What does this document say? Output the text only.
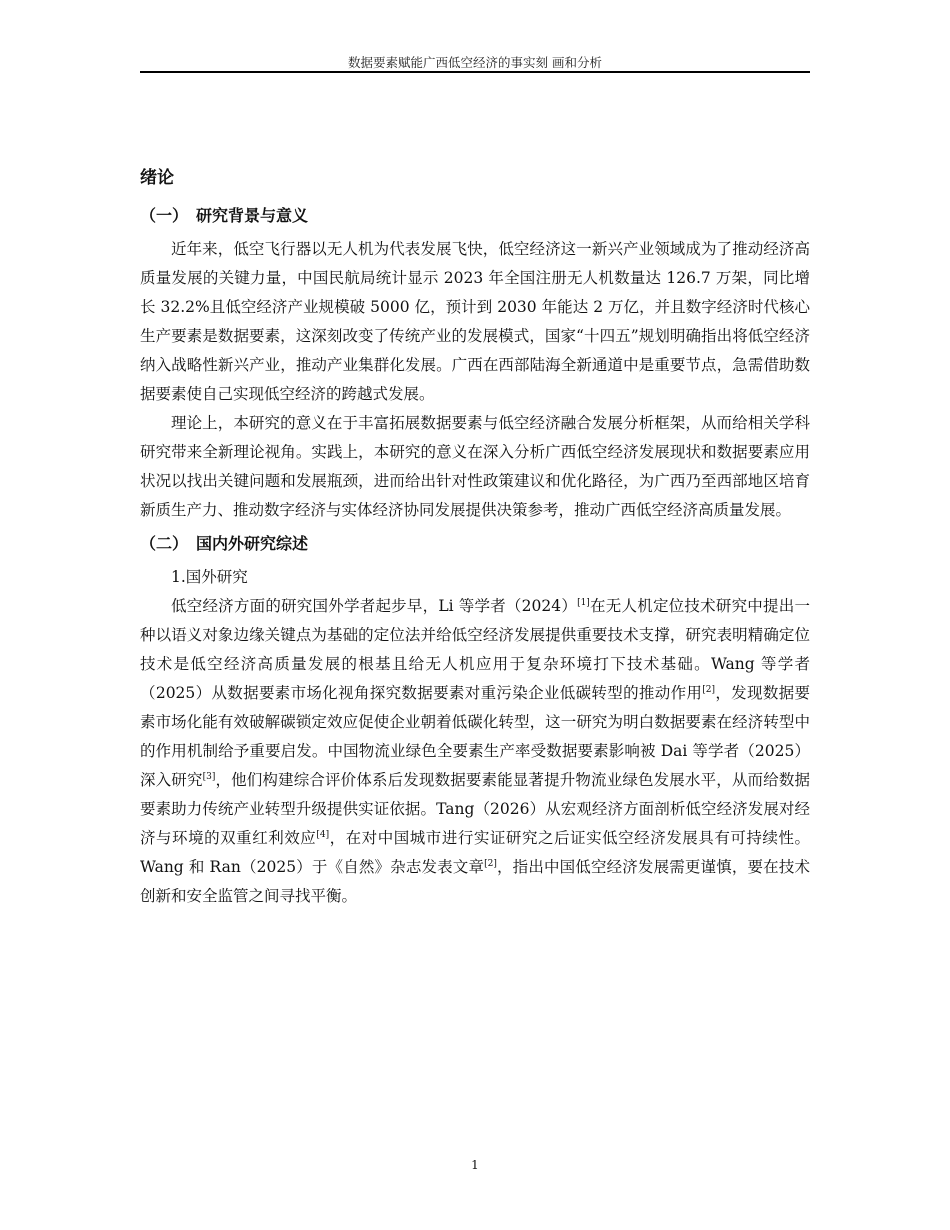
数据要素赋能广西低空经济的事实刻 画和分析
绪论
（一） 研究背景与意义

近年来，低空飞行器以无人机为代表发展飞快，低空经济这一新兴产业领域成为了推动经济高质量发展的关键力量，中国民航局统计显示 2023 年全国注册无人机数量达 126.7 万架，同比增长 32.2%且低空经济产业规模破 5000 亿，预计到 2030 年能达 2 万亿，并且数字经济时代核心生产要素是数据要素，这深刻改变了传统产业的发展模式，国家“十四五”规划明确指出将低空经济纳入战略性新兴产业，推动产业集群化发展。广西在西部陆海全新通道中是重要节点，急需借助数据要素使自己实现低空经济的跨越式发展。

理论上，本研究的意义在于丰富拓展数据要素与低空经济融合发展分析框架，从而给相关学科研究带来全新理论视角。实践上，本研究的意义在深入分析广西低空经济发展现状和数据要素应用状况以找出关键问题和发展瓶颈，进而给出针对性政策建议和优化路径，为广西乃至西部地区培育新质生产力、推动数字经济与实体经济协同发展提供决策参考，推动广西低空经济高质量发展。

（二） 国内外研究综述
1.国外研究

低空经济方面的研究国外学者起步早，Li 等学者（2024）[1]在无人机定位技术研究中提出一种以语义对象边缘关键点为基础的定位法并给低空经济发展提供重要技术支撑，研究表明精确定位技术是低空经济高质量发展的根基且给无人机应用于复杂环境打下技术基础。Wang 等学者（2025）从数据要素市场化视角探究数据要素对重污染企业低碳转型的推动作用[2]，发现数据要素市场化能有效破解碳锁定效应促使企业朝着低碳化转型，这一研究为明白数据要素在经济转型中的作用机制给予重要启发。中国物流业绿色全要素生产率受数据要素影响被 Dai 等学者（2025）深入研究[3]，他们构建综合评价体系后发现数据要素能显著提升物流业绿色发展水平，从而给数据要素助力传统产业转型升级提供实证依据。Tang（2026）从宏观经济方面剖析低空经济发展对经济与环境的双重红利效应[4]，在对中国城市进行实证研究之后证实低空经济发展具有可持续性。Wang 和 Ran（2025）于《自然》杂志发表文章[2]，指出中国低空经济发展需更谨慎，要在技术创新和安全监管之间寻找平衡。

1
